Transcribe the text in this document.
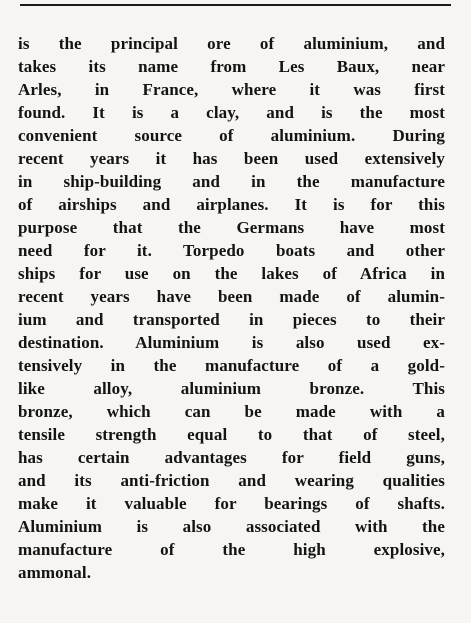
is the principal ore of aluminium, and
takes its name from Les Baux, near
Arles, in France, where it was first
found. It is a clay, and is the most
convenient source of aluminium. During
recent years it has been used extensively
in ship-building and in the manufacture
of airships and airplanes. It is for this
purpose that the Germans have most
need for it. Torpedo boats and other
ships for use on the lakes of Africa in
recent years have been made of alumin-
ium and transported in pieces to their
destination. Aluminium is also used ex-
tensively in the manufacture of a gold-
like alloy, aluminium bronze. This
bronze, which can be made with a
tensile strength equal to that of steel,
has certain advantages for field guns,
and its anti-friction and wearing qualities
make it valuable for bearings of shafts.
Aluminium is also associated with the
manufacture of the high explosive,
ammonal.
